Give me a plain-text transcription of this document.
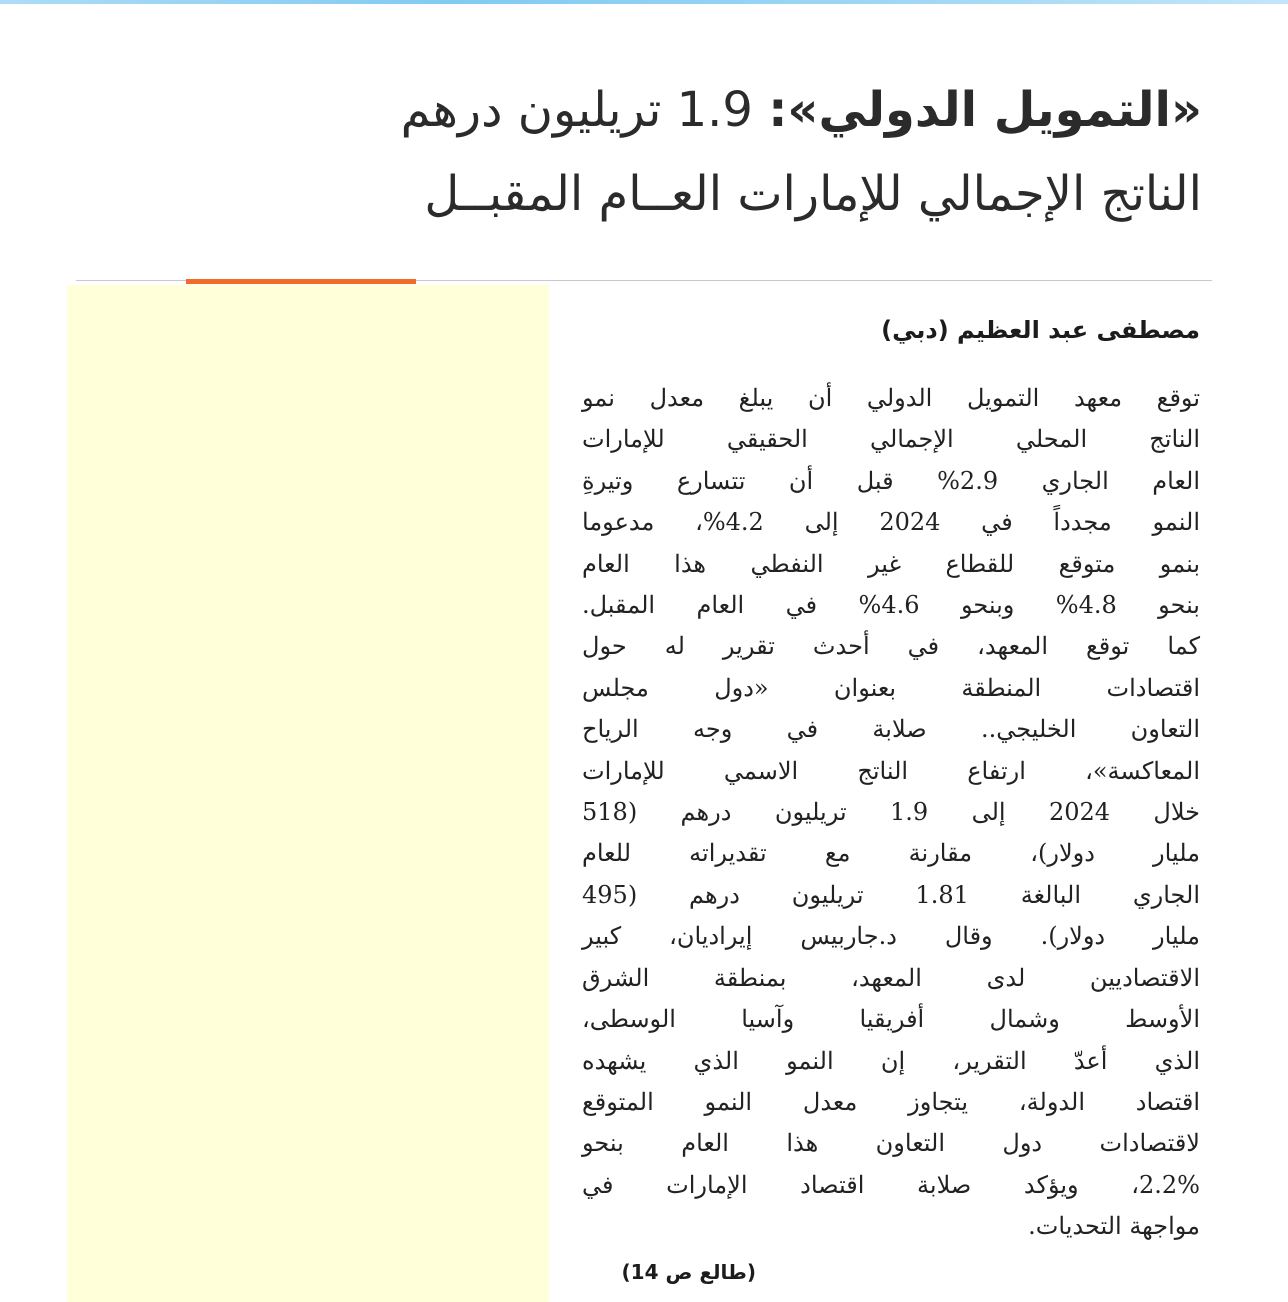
«التمويل الدولي»: 1.9 تريليون درهم
الناتج الإجمالي للإمارات العــام المقبــل
مصطفى عبد العظيم (دبي)
توقع معهد التمويل الدولي أن يبلغ معدل نمو
الناتج المحلي الإجمالي الحقيقي للإمارات
العام الجاري 2.9% قبل أن تتسارع وتيرةِ
النمو مجدداً في 2024 إلى 4.2%، مدعوما
بنمو متوقع للقطاع غير النفطي هذا العام
بنحو 4.8% وبنحو 4.6% في العام المقبل.
كما توقع المعهد، في أحدث تقرير له حول
اقتصادات المنطقة بعنوان «دول مجلس
التعاون الخليجي.. صلابة في وجه الرياح
المعاكسة»، ارتفاع الناتج الاسمي للإمارات
خلال 2024 إلى 1.9 تريليون درهم (518
مليار دولار)، مقارنة مع تقديراته للعام
الجاري البالغة 1.81 تريليون درهم (495
مليار دولار). وقال د.جاربيس إيراديان، كبير
الاقتصاديين لدى المعهد، بمنطقة الشرق
الأوسط وشمال أفريقيا وآسيا الوسطى،
الذي أعدّ التقرير، إن النمو الذي يشهده
اقتصاد الدولة، يتجاوز معدل النمو المتوقع
لاقتصادات دول التعاون هذا العام بنحو
2.2%، ويؤكد صلابة اقتصاد الإمارات في
مواجهة التحديات.
(طالع ص 14)
